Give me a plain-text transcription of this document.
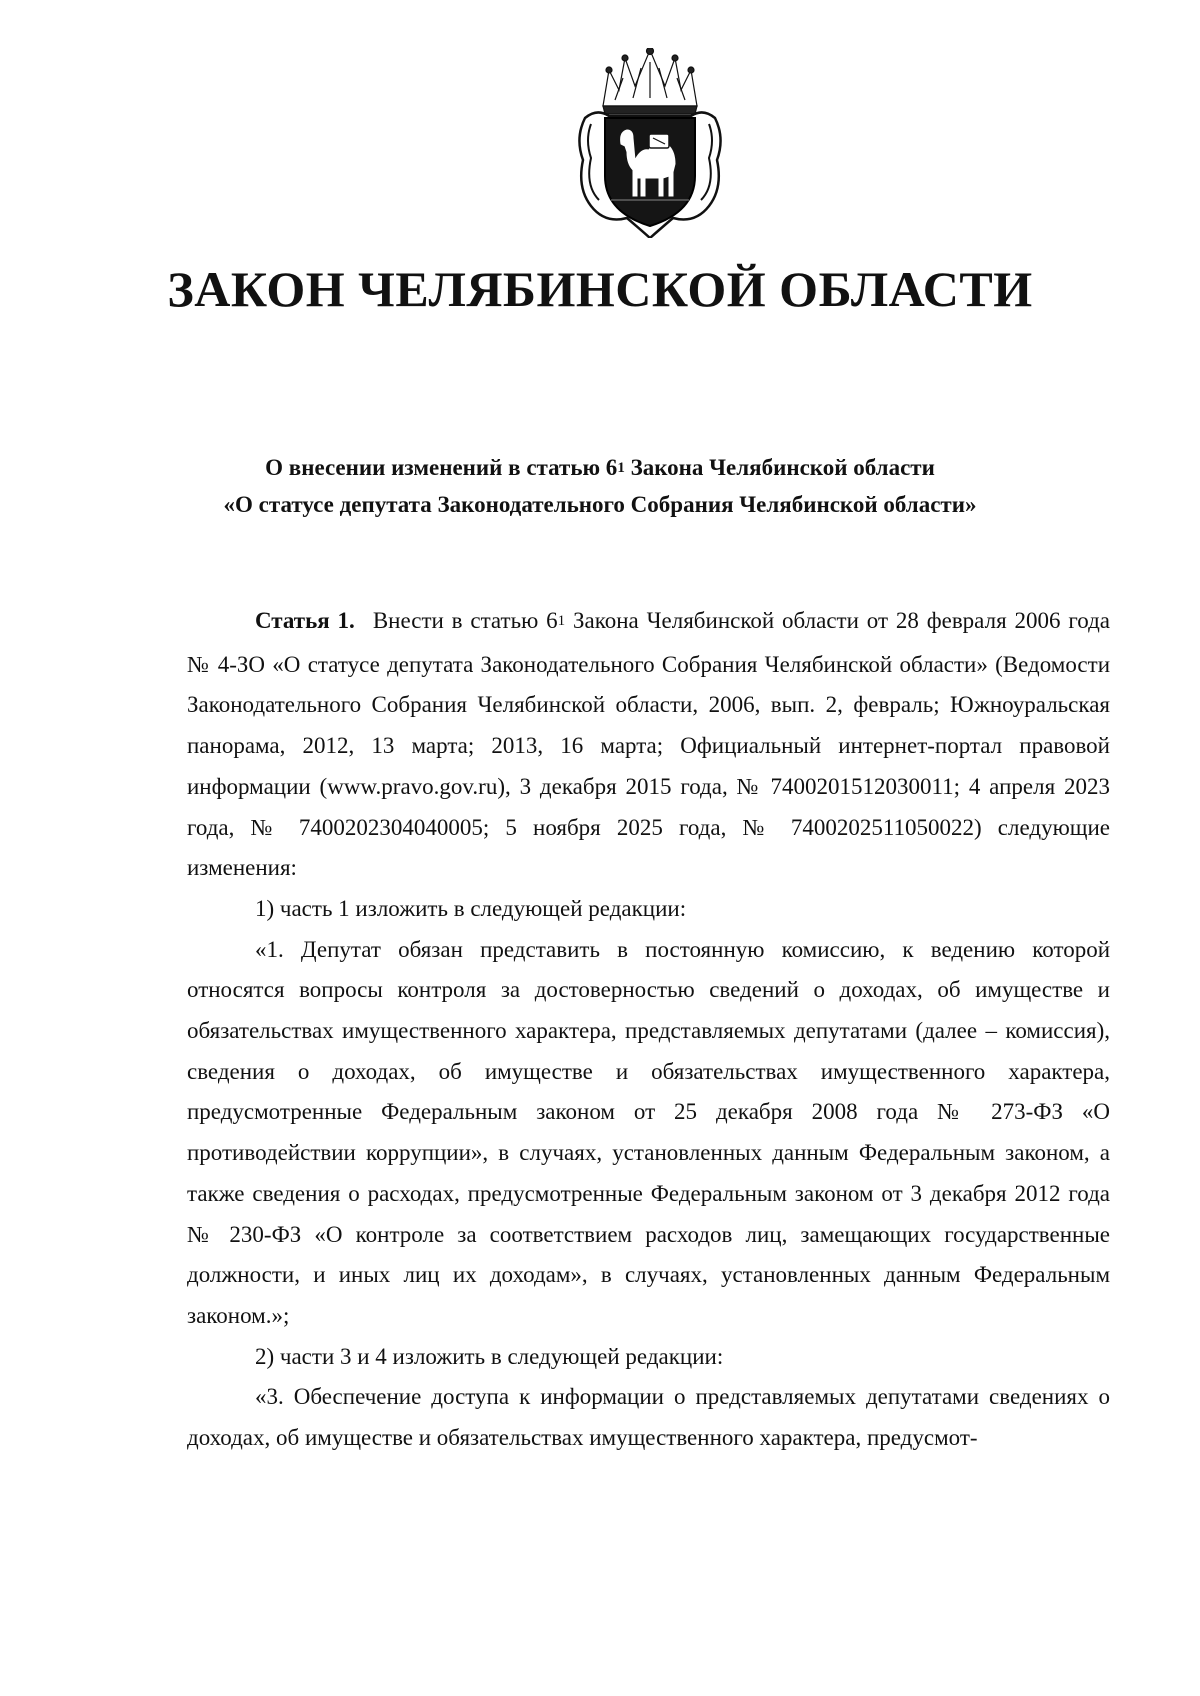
ЗАКОН ЧЕЛЯБИНСКОЙ ОБЛАСТИ
О внесении изменений в статью $6^1$ Закона Челябинской области
«О статусе депутата Законодательного Собрания Челябинской области»

Статья 1. Внести в статью $6^1$ Закона Челябинской области от 28 февраля 2006 года № 4-ЗО «О статусе депутата Законодательного Собрания Челябинской области» (Ведомости Законодательного Собрания Челябинской области, 2006, вып. 2, февраль; Южноуральская панорама, 2012, 13 марта; 2013, 16 марта; Официальный интернет-портал правовой информации (www.pravo.gov.ru), 3 декабря 2015 года, № 7400201512030011; 4 апреля 2023 года, № 7400202304040005; 5 ноября 2025 года, № 7400202511050022) следующие изменения:

1) часть 1 изложить в следующей редакции:

«1. Депутат обязан представить в постоянную комиссию, к ведению которой относятся вопросы контроля за достоверностью сведений о доходах, об имуществе и обязательствах имущественного характера, представляемых депутатами (далее – комиссия), сведения о доходах, об имуществе и обязательствах имущественного характера, предусмотренные Федеральным законом от 25 декабря 2008 года № 273-ФЗ «О противодействии коррупции», в случаях, установленных данным Федеральным законом, а также сведения о расходах, предусмотренные Федеральным законом от 3 декабря 2012 года № 230-ФЗ «О контроле за соответствием расходов лиц, замещающих государственные должности, и иных лиц их доходам», в случаях, установленных данным Федеральным законом.»;

2) части 3 и 4 изложить в следующей редакции:

«3. Обеспечение доступа к информации о представляемых депутатами сведениях о доходах, об имуществе и обязательствах имущественного характера, предусмот-
